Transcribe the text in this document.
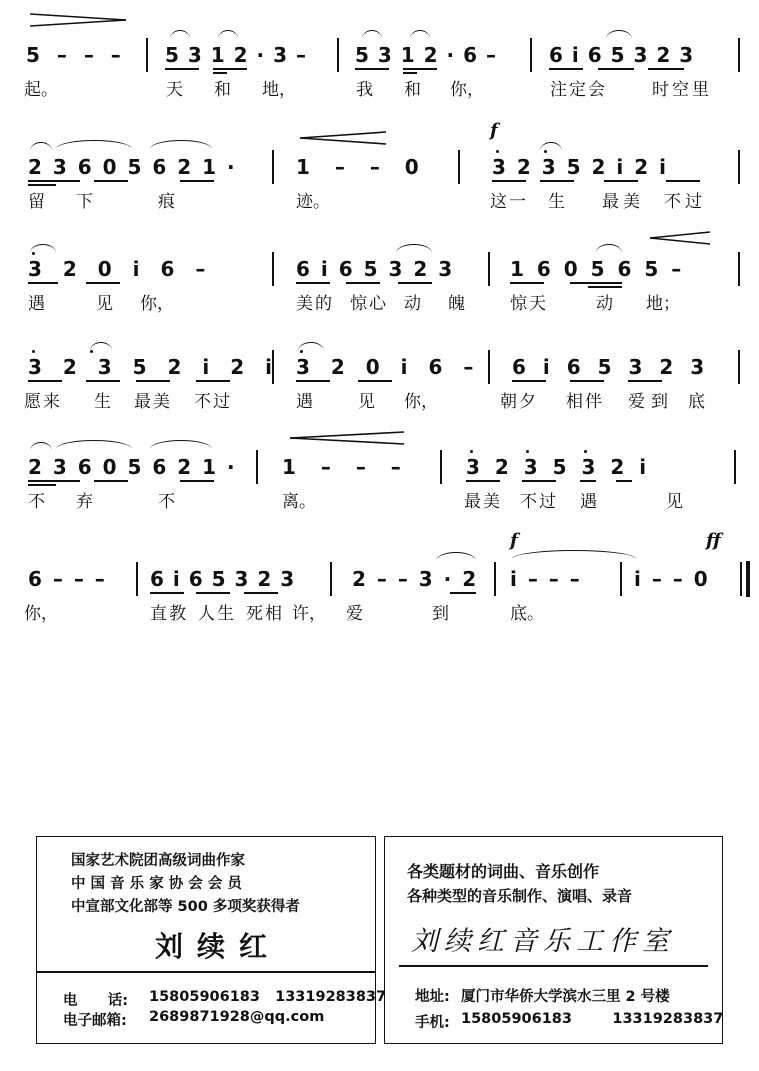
5 – – – 5 3 1 2 · 3 – 5 3 1 2 · 6 –	6 i 6 5 3 2 3
起。	天 和 地，	我 和 你，	注定会	时空里
f
2 3 6 0 5 6 2 1 ·	1 – – 0	3 2 3 5 2 i 2 i
留 下	痕	迹。	这一 生 最美 不过
3 2 0 i 6 –	6 i 6 5 3 2 3	1 6 0 5 6 5 –
遇	见 你，	美的 惊心 动 魄	惊天	动 地；
3 2 3 5 2 i 2 i 3 2 0 i 6 – 6 i 6 5 3 2 3
愿来 生 最美 不过	遇	见 你，	朝夕 相伴 爱到 底
2 3 6 0 5 6 2 1 · 1 – – –	3 2 3 5 3 2 i
不 弃	不	离。	最美 不过 遇	见
f	ff
6 – – – 6 i 6 5 3 2 3	2 – – 3 · 2 i – – –	i – – 0
你，	直教 人生 死相 许， 爱	到	底。
国家艺术院团高级词曲作家
中 国 音 乐 家 协 会 会 员
中宣部文化部等 500 多项奖获得者
刘续红
电      话: 15805906183   13319283837
电子邮箱: 2689871928@qq.com
各类题材的词曲、音乐创作
各种类型的音乐制作、演唱、录音
刘续红音乐工作室
地址: 厦门市华侨大学滨水三里 2 号楼
手机: 15805906183        13319283837
